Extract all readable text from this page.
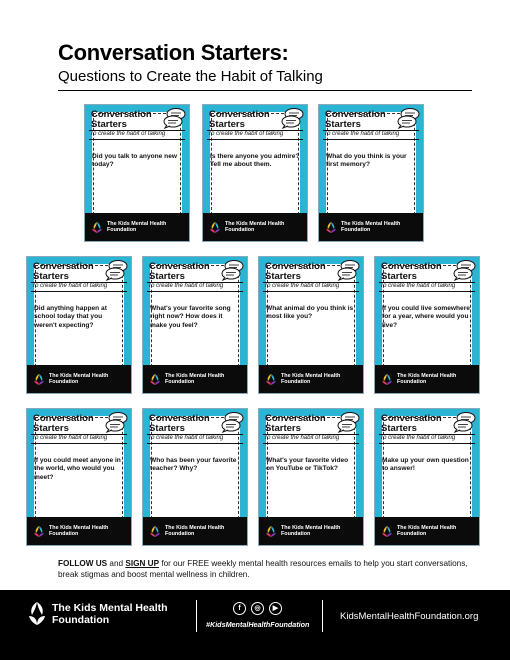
Conversation Starters:
Questions to Create the Habit of Talking
Conversation Starters
To create the habit of talking
Did you talk to anyone new today?
The Kids Mental Health Foundation
Conversation Starters
To create the habit of talking
Is there anyone you admire? Tell me about them.
The Kids Mental Health Foundation
Conversation Starters
To create the habit of talking
What do you think is your first memory?
The Kids Mental Health Foundation
Conversation Starters
To create the habit of talking
Did anything happen at school today that you weren't expecting?
The Kids Mental Health Foundation
Conversation Starters
To create the habit of talking
What's your favorite song right now? How does it make you feel?
The Kids Mental Health Foundation
Conversation Starters
To create the habit of talking
What animal do you think is most like you?
The Kids Mental Health Foundation
Conversation Starters
To create the habit of talking
If you could live somewhere for a year, where would you live?
The Kids Mental Health Foundation
Conversation Starters
To create the habit of talking
If you could meet anyone in the world, who would you meet?
The Kids Mental Health Foundation
Conversation Starters
To create the habit of talking
Who has been your favorite teacher? Why?
The Kids Mental Health Foundation
Conversation Starters
To create the habit of talking
What's your favorite video on YouTube or TikTok?
The Kids Mental Health Foundation
Conversation Starters
To create the habit of talking
Make up your own question to answer!
The Kids Mental Health Foundation
FOLLOW US and SIGN UP for our FREE weekly mental health resources emails to help you start conversations, break stigmas and boost mental wellness in children.
The Kids Mental Health Foundation
f	◎	▶
#KidsMentalHealthFoundation
KidsMentalHealthFoundation.org
